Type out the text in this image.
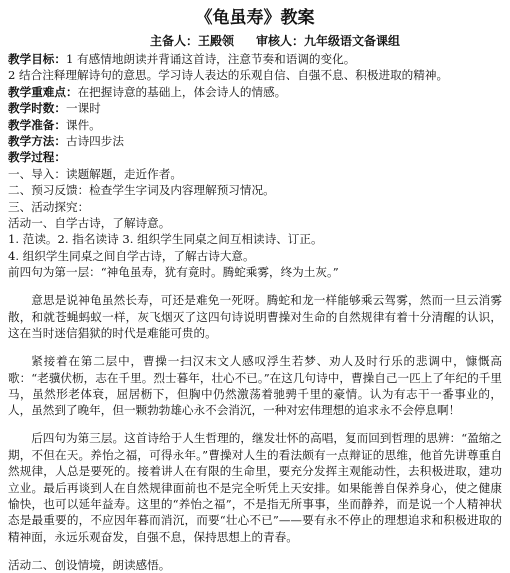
《龟虽寿》教案
主备人：王殿领 审核人：九年级语文备课组

教学目标：1 有感情地朗读并背诵这首诗，注意节奏和语调的变化。

2 结合注释理解诗句的意思。学习诗人表达的乐观自信、自强不息、积极进取的精神。

教学重难点：在把握诗意的基础上，体会诗人的情感。

教学时数：一课时

教学准备：课件。

教学方法：古诗四步法

教学过程：

一、导入：读题解题，走近作者。

二、预习反馈：检查学生字词及内容理解预习情况。

三、活动探究：

活动一、自学古诗，了解诗意。

1. 范读。2. 指名读诗 3. 组织学生同桌之间互相读诗、订正。

4. 组织学生同桌之间自学古诗，了解古诗大意。

前四句为第一层：“神龟虽寿，犹有竟时。腾蛇乘雾，终为土灰。”

意思是说神龟虽然长寿，可还是难免一死呀。腾蛇和龙一样能够乘云驾雾，然而一旦云消雾散，和就苍蝇蚂蚁一样，灰飞烟灭了这四句诗说明曹操对生命的自然规律有着十分清醒的认识，这在当时迷信猖狱的时代是难能可贵的。

紧接着在第二层中，曹操一扫汉末文人感叹浮生若梦、劝人及时行乐的悲调中，慷慨高歌：“老骥伏枥，志在千里。烈士暮年，壮心不已。”在这几句诗中，曹操自己一匹上了年纪的千里马，虽然形老体衰，屈居枥下，但胸中仍然激荡着驰骋千里的豪情。认为有志干一番事业的，人，虽然到了晚年，但一颗勃勃雄心永不会消沉，一种对宏伟理想的追求永不会停息啊！

后四句为第三层。这首诗给于人生哲理的，继发壮怀的高唱，复而回到哲理的思辨：“盈缩之期，不但在天。养怡之福，可得永年。”曹操对人生的看法颇有一点辩证的思维，他首先讲尊重自然规律，人总是要死的。接着讲人在有限的生命里，要充分发挥主观能动性，去积极进取，建功立业。最后再谈到人在自然规律面前也不是完全听凭上天安排。如果能善自保养身心，使之健康愉快，也可以延年益寿。这里的“养怡之福”，不是指无所事事，坐而静养，而是说一个人精神状态是最重要的，不应因年暮而消沉，而要“壮心不已”——要有永不停止的理想追求和积极进取的精神面，永远乐观奋发，自强不息，保持思想上的青春。

活动二、创设情境，朗读感悟。
